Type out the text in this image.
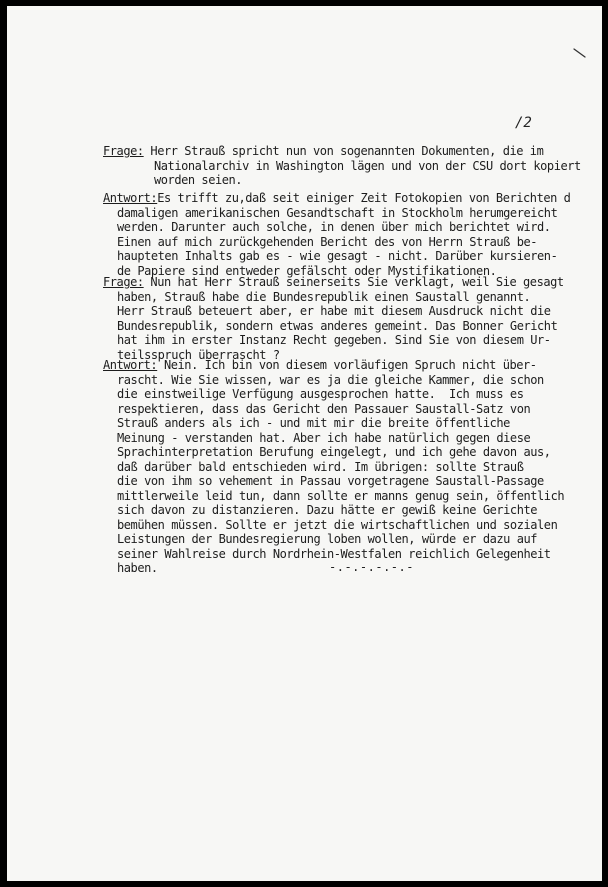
/2
Frage: Herr Strauß spricht nun von sogenannten Dokumenten, die im
Nationalarchiv in Washington lägen und von der CSU dort kopiert
worden seien.
Antwort:Es trifft zu,daß seit einiger Zeit Fotokopien von Berichten d
damaligen amerikanischen Gesandtschaft in Stockholm herumgereicht
werden. Darunter auch solche, in denen über mich berichtet wird.
Einen auf mich zurückgehenden Bericht des von Herrn Strauß be-
haupteten Inhalts gab es - wie gesagt - nicht. Darüber kursieren-
de Papiere sind entweder gefälscht oder Mystifikationen.
Frage: Nun hat Herr Strauß seinerseits Sie verklagt, weil Sie gesagt
haben, Strauß habe die Bundesrepublik einen Saustall genannt.
Herr Strauß beteuert aber, er habe mit diesem Ausdruck nicht die
Bundesrepublik, sondern etwas anderes gemeint. Das Bonner Gericht
hat ihm in erster Instanz Recht gegeben. Sind Sie von diesem Ur-
teilsspruch überrascht ?
Antwort: Nein. Ich bin von diesem vorläufigen Spruch nicht über-
rascht. Wie Sie wissen, war es ja die gleiche Kammer, die schon
die einstweilige Verfügung ausgesprochen hatte.  Ich muss es
respektieren, dass das Gericht den Passauer Saustall-Satz von
Strauß anders als ich - und mit mir die breite öffentliche
Meinung - verstanden hat. Aber ich habe natürlich gegen diese
Sprachinterpretation Berufung eingelegt, und ich gehe davon aus,
daß darüber bald entschieden wird. Im übrigen: sollte Strauß
die von ihm so vehement in Passau vorgetragene Saustall-Passage
mittlerweile leid tun, dann sollte er manns genug sein, öffentlich
sich davon zu distanzieren. Dazu hätte er gewiß keine Gerichte
bemühen müssen. Sollte er jetzt die wirtschaftlichen und sozialen
Leistungen der Bundesregierung loben wollen, würde er dazu auf
seiner Wahlreise durch Nordrhein-Westfalen reichlich Gelegenheit
haben.	-.-.-.-.-.-
